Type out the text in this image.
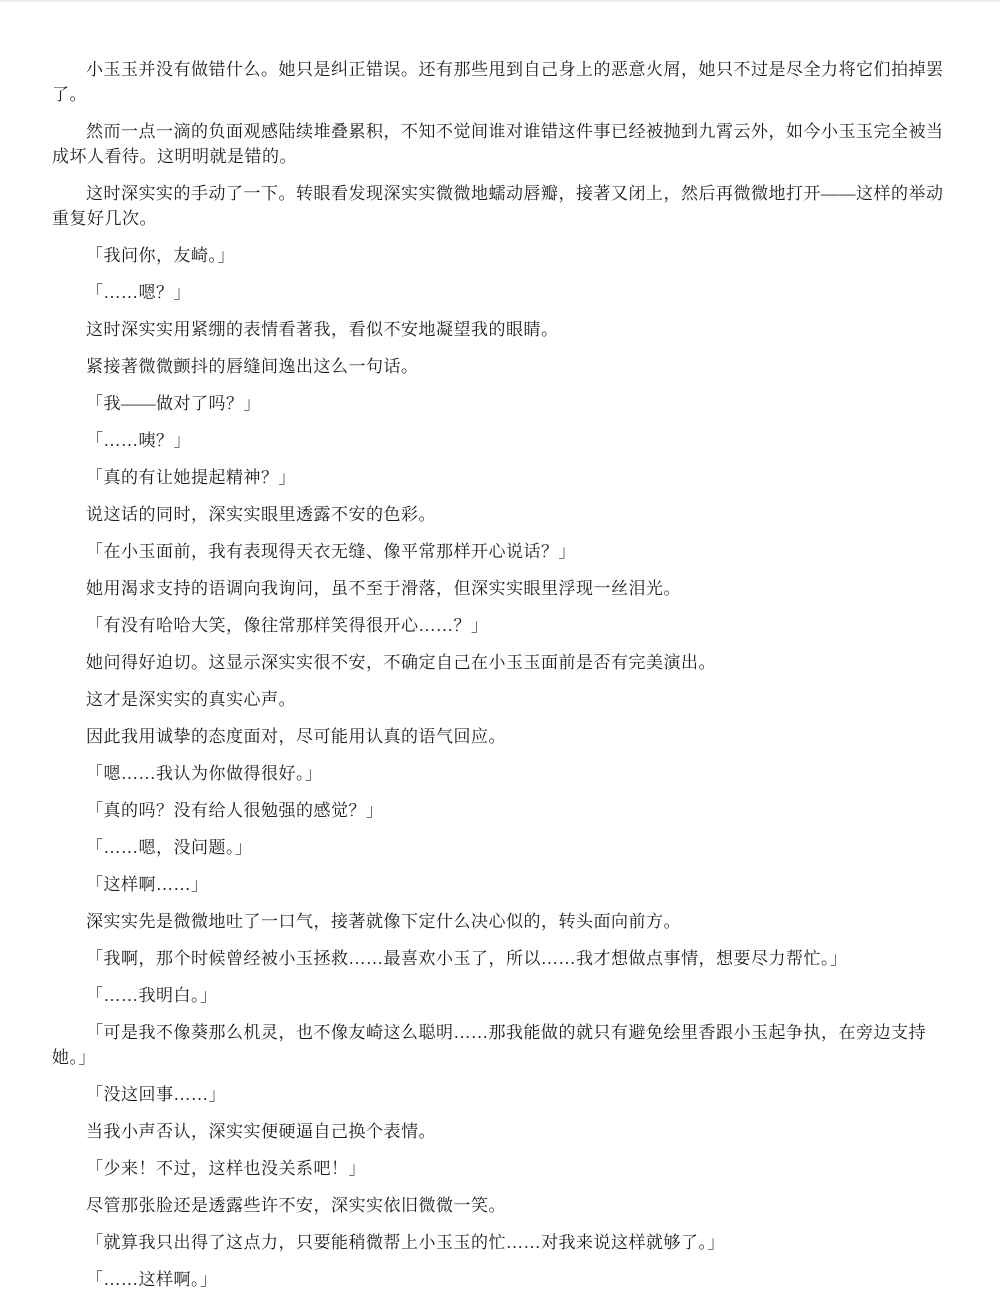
小玉玉并没有做错什么。她只是纠正错误。还有那些甩到自己身上的恶意火屑，她只不过是尽全力将它们拍掉罢了。

然而一点一滴的负面观感陆续堆叠累积，不知不觉间谁对谁错这件事已经被抛到九霄云外，如今小玉玉完全被当成坏人看待。这明明就是错的。

这时深实实的手动了一下。转眼看发现深实实微微地蠕动唇瓣，接著又闭上，然后再微微地打开——这样的举动重复好几次。

「我问你，友崎。」

「……嗯？」

这时深实实用紧绷的表情看著我，看似不安地凝望我的眼睛。

紧接著微微颤抖的唇缝间逸出这么一句话。

「我——做对了吗？」

「……咦？」

「真的有让她提起精神？」

说这话的同时，深实实眼里透露不安的色彩。

「在小玉面前，我有表现得天衣无缝、像平常那样开心说话？」

她用渴求支持的语调向我询问，虽不至于滑落，但深实实眼里浮现一丝泪光。

「有没有哈哈大笑，像往常那样笑得很开心……？」

她问得好迫切。这显示深实实很不安，不确定自己在小玉玉面前是否有完美演出。

这才是深实实的真实心声。

因此我用诚挚的态度面对，尽可能用认真的语气回应。

「嗯……我认为你做得很好。」

「真的吗？没有给人很勉强的感觉？」

「……嗯，没问题。」

「这样啊……」

深实实先是微微地吐了一口气，接著就像下定什么决心似的，转头面向前方。

「我啊，那个时候曾经被小玉拯救……最喜欢小玉了，所以……我才想做点事情，想要尽力帮忙。」

「……我明白。」

「可是我不像葵那么机灵，也不像友崎这么聪明……那我能做的就只有避免绘里香跟小玉起争执，在旁边支持她。」

「没这回事……」

当我小声否认，深实实便硬逼自己换个表情。

「少来！不过，这样也没关系吧！」

尽管那张脸还是透露些许不安，深实实依旧微微一笑。

「就算我只出得了这点力，只要能稍微帮上小玉玉的忙……对我来说这样就够了。」

「……这样啊。」
